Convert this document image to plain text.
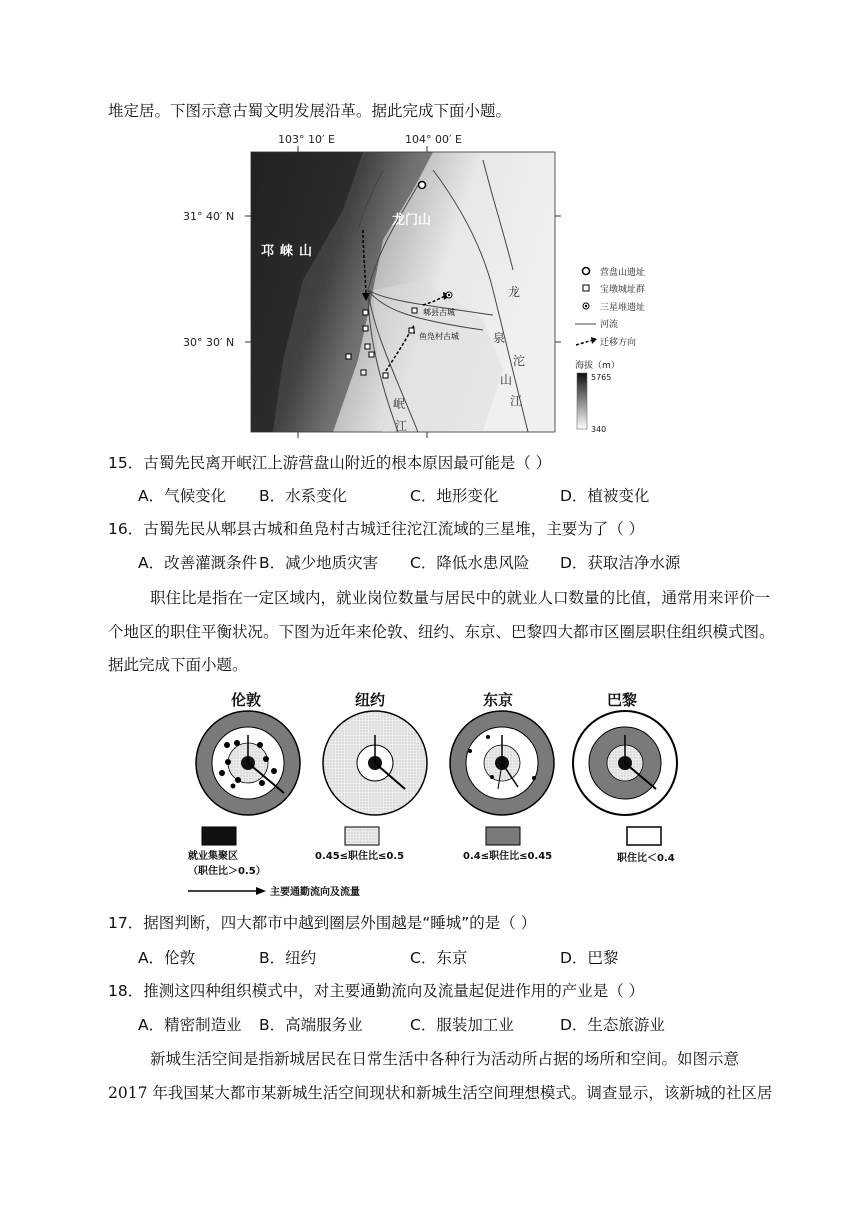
堆定居。下图示意古蜀文明发展沿革。据此完成下面小题。
103° 10′ E	104° 00′ E
31° 40′ N
30° 30′ N
龙门山
邛崃山
郫县古城
鱼凫村古城
龙
泉
山
沱
江
岷
江
营盘山遗址
宝墩城址群
三星堆遗址
河流
迁移方向
海拔（m）
5765
340
15．古蜀先民离开岷江上游营盘山附近的根本原因最可能是（ ）
A．气候变化 B．水系变化	C．地形变化	D．植被变化
16．古蜀先民从郫县古城和鱼凫村古城迁往沱江流域的三星堆，主要为了（ ）
A．改善灌溉条件 B．减少地质灾害 C．降低水患风险 D．获取洁净水源
职住比是指在一定区域内，就业岗位数量与居民中的就业人口数量的比值，通常用来评价一
个地区的职住平衡状况。下图为近年来伦敦、纽约、东京、巴黎四大都市区圈层职住组织模式图。
据此完成下面小题。
伦敦	纽约	东京	巴黎
就业集聚区
（职住比＞0.5）
0.45≤职住比≤0.5	0.4≤职住比≤0.45	职住比＜0.4
主要通勤流向及流量
17．据图判断，四大都市中越到圈层外围越是“睡城”的是（ ）
A．伦敦	B．纽约	C．东京	D．巴黎
18．推测这四种组织模式中，对主要通勤流向及流量起促进作用的产业是（ ）
A．精密制造业 B．高端服务业	C．服装加工业	D．生态旅游业
新城生活空间是指新城居民在日常生活中各种行为活动所占据的场所和空间。如图示意
2017 年我国某大都市某新城生活空间现状和新城生活空间理想模式。调查显示，该新城的社区居
